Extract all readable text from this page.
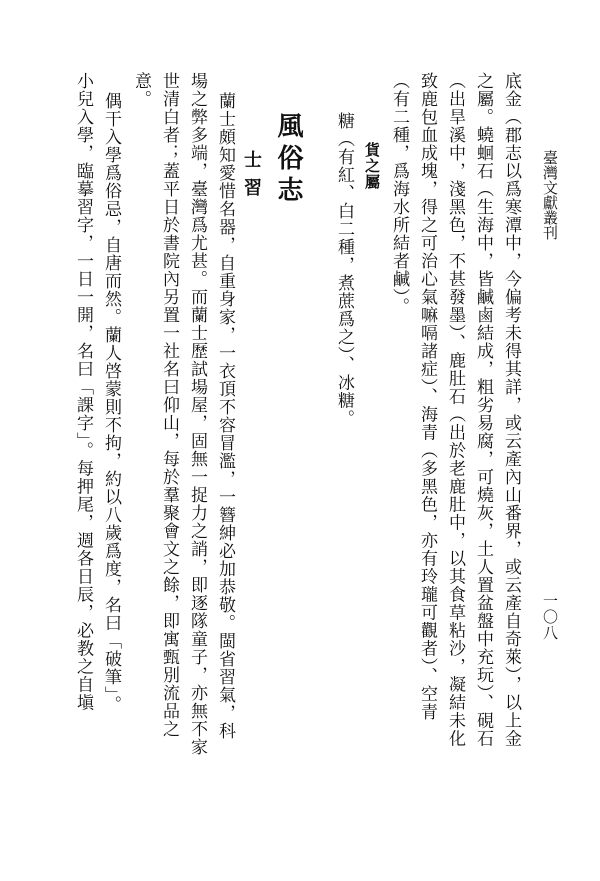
臺灣文獻叢刊
一〇八
底金（郡志以爲寒潭中，今偏考未得其詳，或云產內山番界，或云產自奇萊），以上金
之屬。蟯蛔石（生海中，皆鹹鹵結成，粗劣易腐，可燒灰，土人置盆盤中充玩）、硯石
（出旱溪中，淺黑色，不甚發墨）、鹿肚石（出於老鹿肚中，以其食草粘沙，凝結未化
致鹿包血成塊，得之可治心氣嘛嗝諸症）、海青（多黑色，亦有玲瓏可觀者）、空青
（有二種，爲海水所結者鹹）。
貨之屬
糖（有紅、白二種，煮蔗爲之）、冰糖。
風俗志
士習
蘭士頗知愛惜名器，自重身家，一衣頂不容冒濫，一簪紳必加恭敬。閩省習氣，科
場之弊多端，臺灣爲尤甚。而蘭士歷試場屋，固無一捉力之誚，即逐隊童子，亦無不家
世清白者；蓋平日於書院內另置一社名曰仰山，每於羣聚會文之餘，即寓甄別流品之
意。
偶干入學爲俗忌，自唐而然。蘭人啓蒙則不拘，約以八歲爲度，名曰「破筆」。
小兒入學，臨摹習字，一日一開，名曰「課字」。每押尾，週各日辰，必教之自塡
